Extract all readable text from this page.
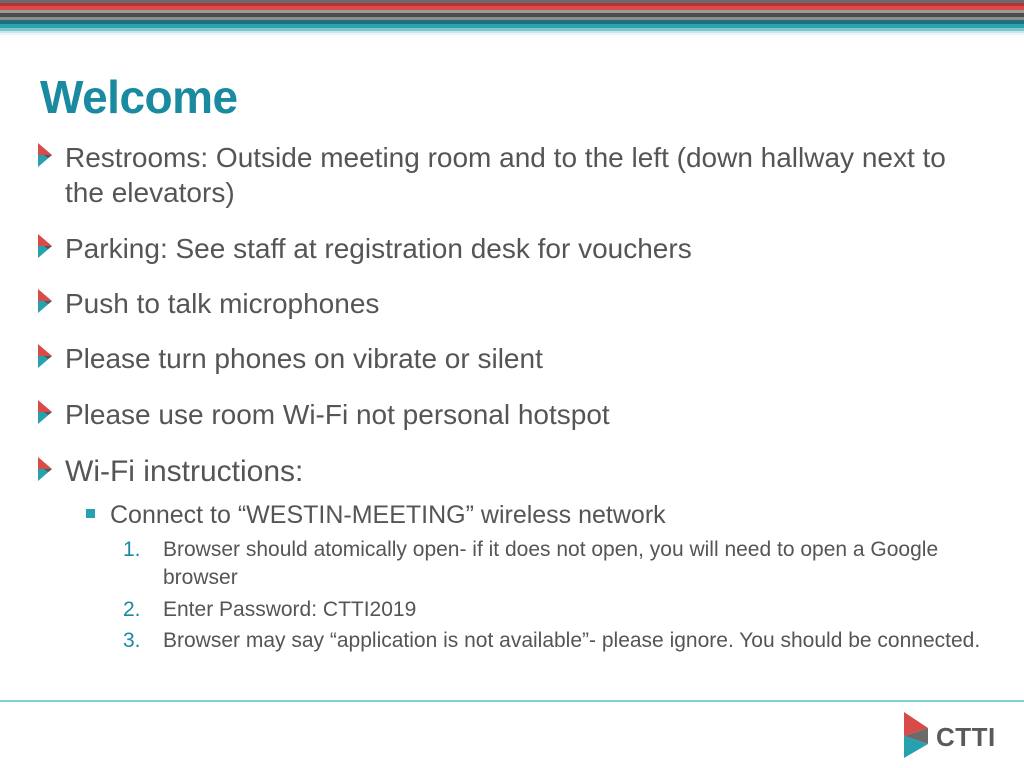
Welcome
Restrooms: Outside meeting room and to the left (down hallway next to the elevators)
Parking: See staff at registration desk for vouchers
Push to talk microphones
Please turn phones on vibrate or silent
Please use room Wi-Fi not personal hotspot
Wi-Fi instructions:
Connect to “WESTIN-MEETING” wireless network
1. Browser should atomically open- if it does not open, you will need to open a Google browser
2. Enter Password: CTTI2019
3. Browser may say “application is not available”- please ignore. You should be connected.
CTTI
